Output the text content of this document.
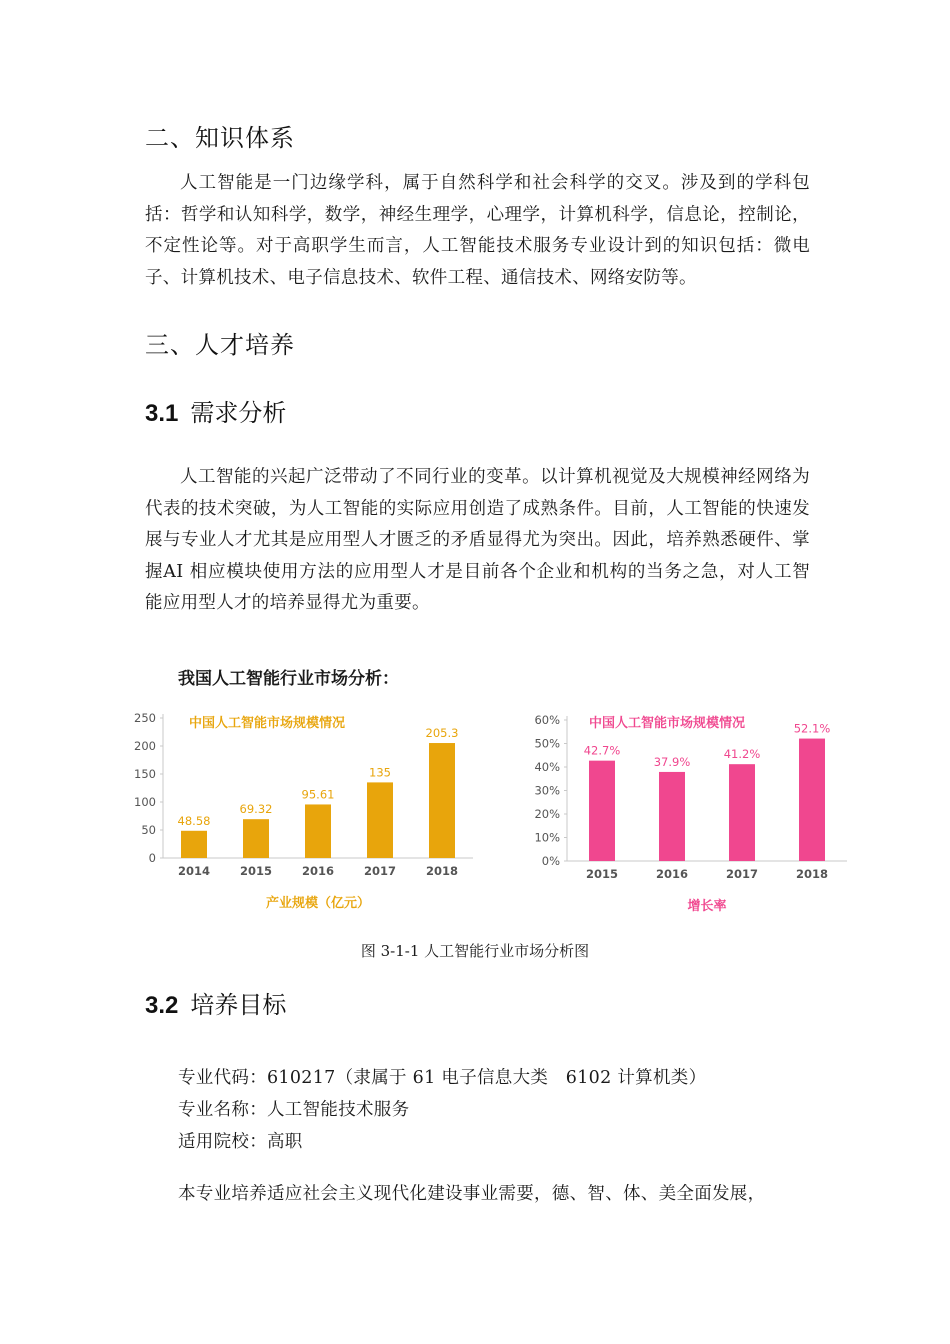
二、知识体系

人工智能是一门边缘学科，属于自然科学和社会科学的交叉。涉及到的学科包括：哲学和认知科学，数学，神经生理学，心理学，计算机科学，信息论，控制论，不定性论等。对于高职学生而言，人工智能技术服务专业设计到的知识包括：微电子、计算机技术、电子信息技术、软件工程、通信技术、网络安防等。

三、人才培养
3.1 需求分析

人工智能的兴起广泛带动了不同行业的变革。以计算机视觉及大规模神经网络为代表的技术突破，为人工智能的实际应用创造了成熟条件。目前，人工智能的快速发展与专业人才尤其是应用型人才匮乏的矛盾显得尤为突出。因此，培养熟悉硬件、掌握AI 相应模块使用方法的应用型人才是目前各个企业和机构的当务之急，对人工智能应用型人才的培养显得尤为重要。

我国人工智能行业市场分析：
0
50
100
150
200
250
48.58
2014
69.32
2015
95.61
2016
135
2017
205.3
2018
中国人工智能市场规模情况
产业规模（亿元）
0%
10%
20%
30%
40%
50%
60%
42.7%
2015
37.9%
2016
41.2%
2017
52.1%
2018
中国人工智能市场规模情况
增长率
图 3-1-1 人工智能行业市场分析图
3.2 培养目标
专业代码：610217（隶属于 61 电子信息大类   6102 计算机类）
专业名称：人工智能技术服务
适用院校：高职
本专业培养适应社会主义现代化建设事业需要，德、智、体、美全面发展，
